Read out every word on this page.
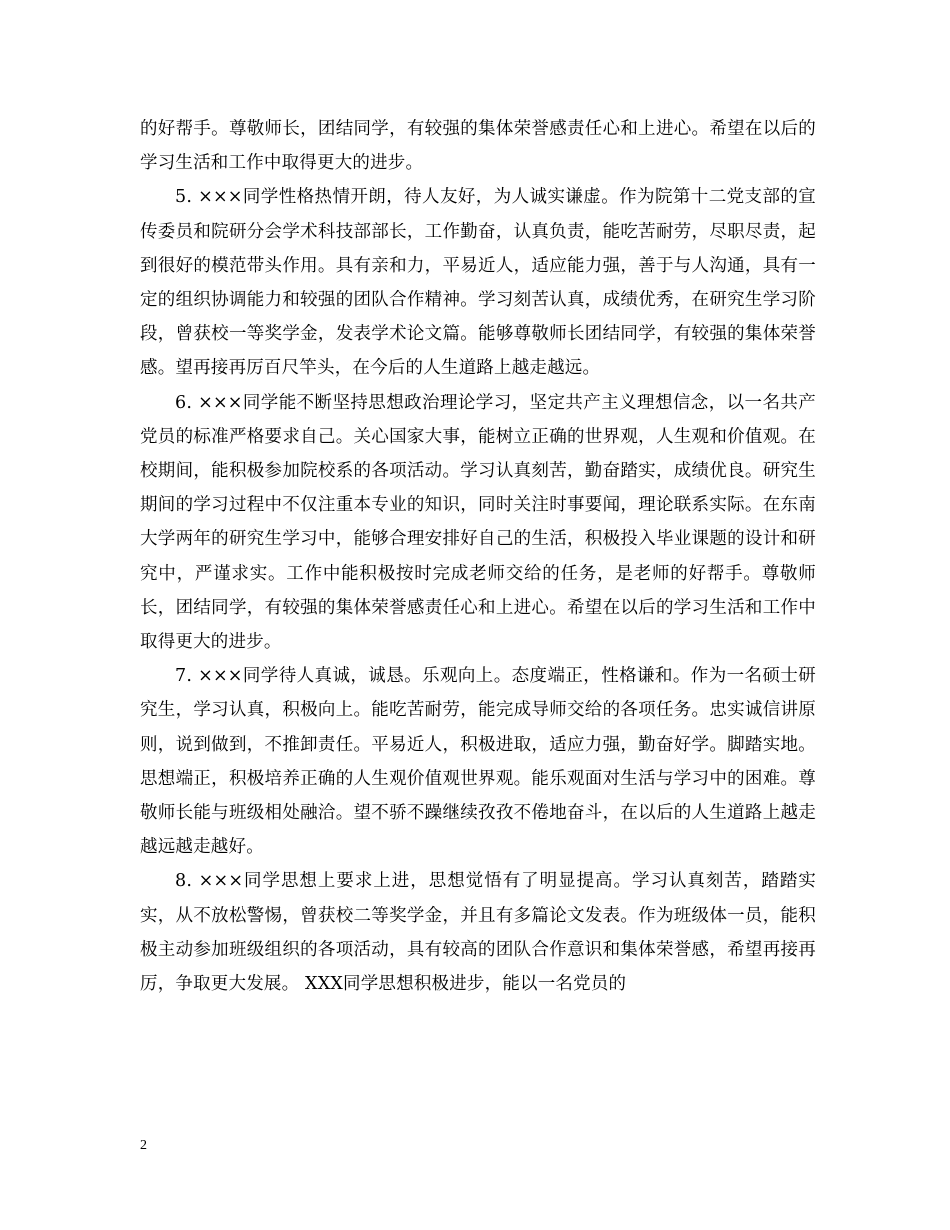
的好帮手。尊敬师长，团结同学，有较强的集体荣誉感责任心和上进心。希望在以后的学习生活和工作中取得更大的进步。

5. ×××同学性格热情开朗，待人友好，为人诚实谦虚。作为院第十二党支部的宣传委员和院研分会学术科技部部长，工作勤奋，认真负责，能吃苦耐劳，尽职尽责，起到很好的模范带头作用。具有亲和力，平易近人，适应能力强，善于与人沟通，具有一定的组织协调能力和较强的团队合作精神。学习刻苦认真，成绩优秀，在研究生学习阶段，曾获校一等奖学金，发表学术论文篇。能够尊敬师长团结同学，有较强的集体荣誉感。望再接再厉百尺竿头，在今后的人生道路上越走越远。

6. ×××同学能不断坚持思想政治理论学习，坚定共产主义理想信念，以一名共产党员的标准严格要求自己。关心国家大事，能树立正确的世界观，人生观和价值观。在校期间，能积极参加院校系的各项活动。学习认真刻苦，勤奋踏实，成绩优良。研究生期间的学习过程中不仅注重本专业的知识，同时关注时事要闻，理论联系实际。在东南大学两年的研究生学习中，能够合理安排好自己的生活，积极投入毕业课题的设计和研究中，严谨求实。工作中能积极按时完成老师交给的任务，是老师的好帮手。尊敬师长，团结同学，有较强的集体荣誉感责任心和上进心。希望在以后的学习生活和工作中取得更大的进步。

7. ×××同学待人真诚，诚恳。乐观向上。态度端正，性格谦和。作为一名硕士研究生，学习认真，积极向上。能吃苦耐劳，能完成导师交给的各项任务。忠实诚信讲原则，说到做到，不推卸责任。平易近人，积极进取，适应力强，勤奋好学。脚踏实地。思想端正，积极培养正确的人生观价值观世界观。能乐观面对生活与学习中的困难。尊敬师长能与班级相处融洽。望不骄不躁继续孜孜不倦地奋斗，在以后的人生道路上越走越远越走越好。

8. ×××同学思想上要求上进，思想觉悟有了明显提高。学习认真刻苦，踏踏实实，从不放松警惕，曾获校二等奖学金，并且有多篇论文发表。作为班级体一员，能积极主动参加班级组织的各项活动，具有较高的团队合作意识和集体荣誉感，希望再接再厉，争取更大发展。 XXX同学思想积极进步，能以一名党员的

2
